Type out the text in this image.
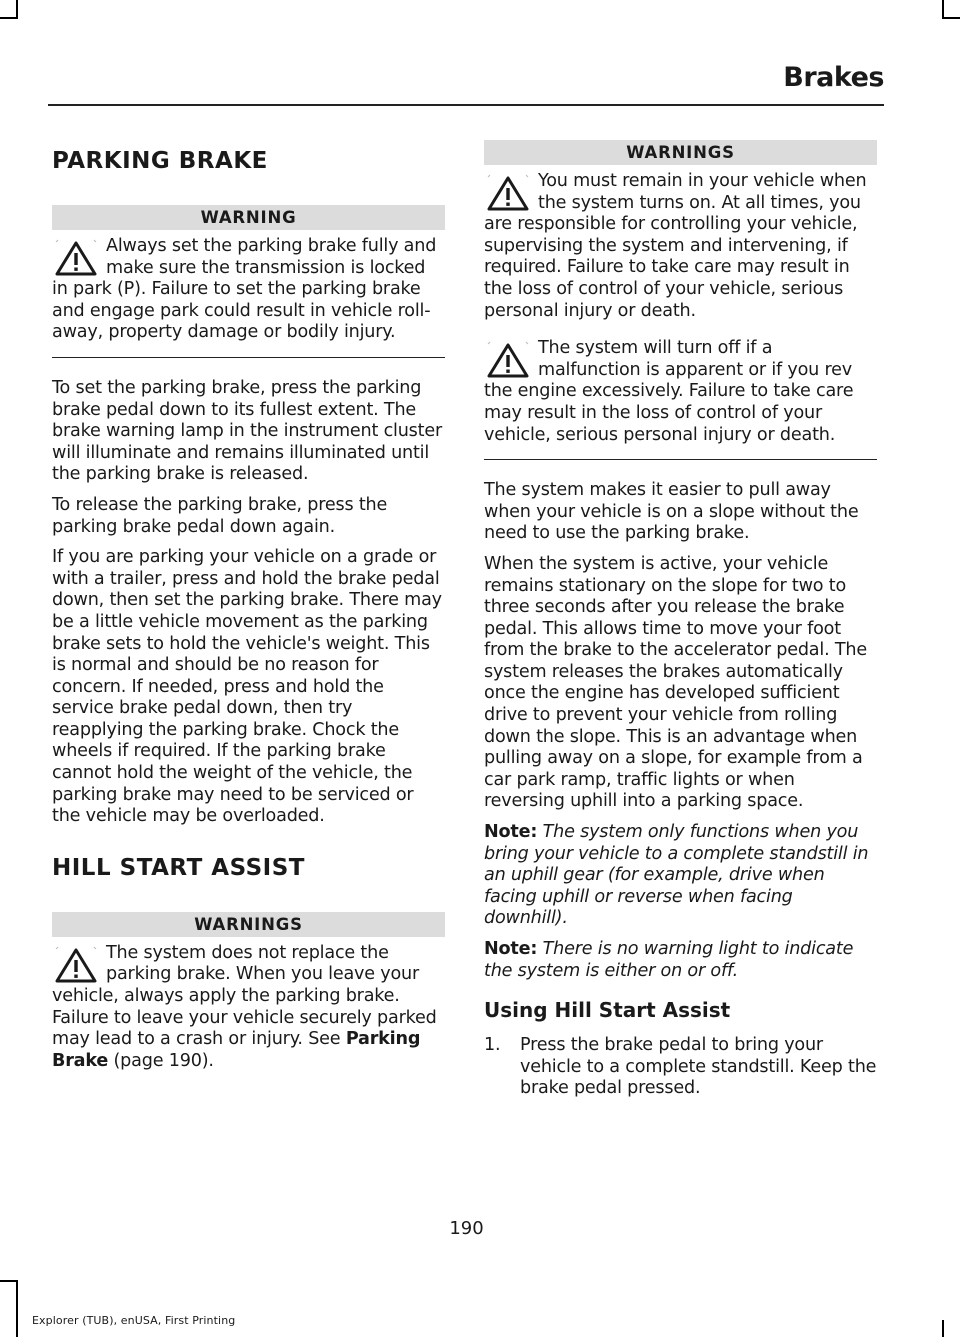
Brakes
PARKING BRAKE
WARNING
Always set the parking brake fully and make sure the transmission is locked in park (P). Failure to set the parking brake and engage park could result in vehicle roll-away, property damage or bodily injury.

To set the parking brake, press the parking brake pedal down to its fullest extent. The brake warning lamp in the instrument cluster will illuminate and remains illuminated until the parking brake is released.

To release the parking brake, press the parking brake pedal down again.

If you are parking your vehicle on a grade or with a trailer, press and hold the brake pedal down, then set the parking brake. There may be a little vehicle movement as the parking brake sets to hold the vehicle's weight. This is normal and should be no reason for concern. If needed, press and hold the service brake pedal down, then try reapplying the parking brake. Chock the wheels if required. If the parking brake cannot hold the weight of the vehicle, the parking brake may need to be serviced or the vehicle may be overloaded.

HILL START ASSIST
WARNINGS
The system does not replace the parking brake. When you leave your vehicle, always apply the parking brake. Failure to leave your vehicle securely parked may lead to a crash or injury. See Parking Brake (page 190).
WARNINGS
You must remain in your vehicle when the system turns on. At all times, you are responsible for controlling your vehicle, supervising the system and intervening, if required. Failure to take care may result in the loss of control of your vehicle, serious personal injury or death.
The system will turn off if a malfunction is apparent or if you rev the engine excessively. Failure to take care may result in the loss of control of your vehicle, serious personal injury or death.

The system makes it easier to pull away when your vehicle is on a slope without the need to use the parking brake.

When the system is active, your vehicle remains stationary on the slope for two to three seconds after you release the brake pedal. This allows time to move your foot from the brake to the accelerator pedal. The system releases the brakes automatically once the engine has developed sufficient drive to prevent your vehicle from rolling down the slope. This is an advantage when pulling away on a slope, for example from a car park ramp, traffic lights or when reversing uphill into a parking space.

Note: The system only functions when you bring your vehicle to a complete standstill in an uphill gear (for example, drive when facing uphill or reverse when facing downhill).

Note: There is no warning light to indicate the system is either on or off.

Using Hill Start Assist
1.	Press the brake pedal to bring your vehicle to a complete standstill. Keep the brake pedal pressed.
190
Explorer (TUB), enUSA, First Printing
